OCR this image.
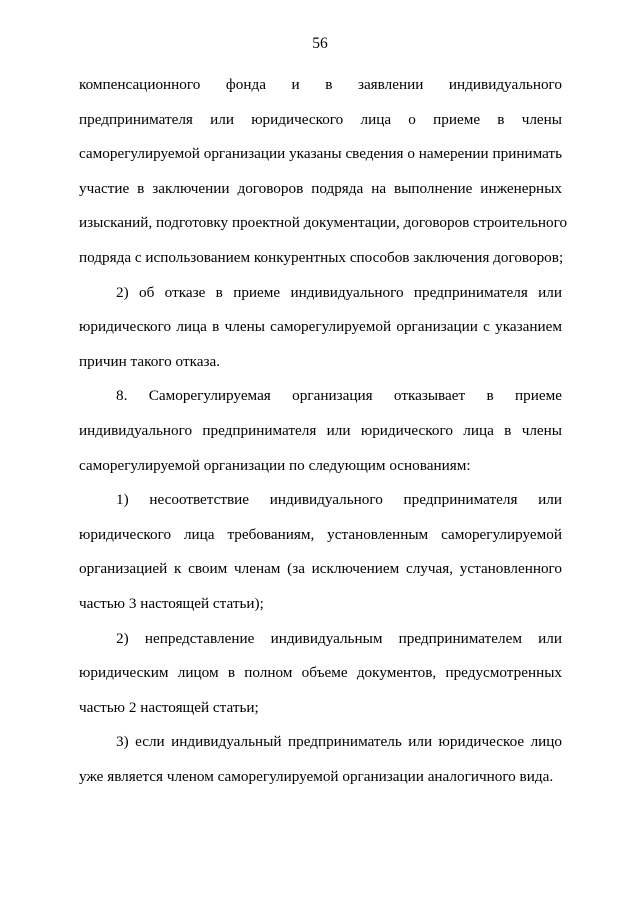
56
компенсационного фонда и в заявлении индивидуального
предпринимателя или юридического лица о приеме в члены
саморегулируемой организации указаны сведения о намерении принимать
участие в заключении договоров подряда на выполнение инженерных
изысканий, подготовку проектной документации, договоров строительного
подряда с использованием конкурентных способов заключения договоров;
2) об отказе в приеме индивидуального предпринимателя или
юридического лица в члены саморегулируемой организации с указанием
причин такого отказа.
8. Саморегулируемая организация отказывает в приеме
индивидуального предпринимателя или юридического лица в члены
саморегулируемой организации по следующим основаниям:
1) несоответствие индивидуального предпринимателя или
юридического лица требованиям, установленным саморегулируемой
организацией к своим членам (за исключением случая, установленного
частью 3 настоящей статьи);
2) непредставление индивидуальным предпринимателем или
юридическим лицом в полном объеме документов, предусмотренных
частью 2 настоящей статьи;
3) если индивидуальный предприниматель или юридическое лицо
уже является членом саморегулируемой организации аналогичного вида.
